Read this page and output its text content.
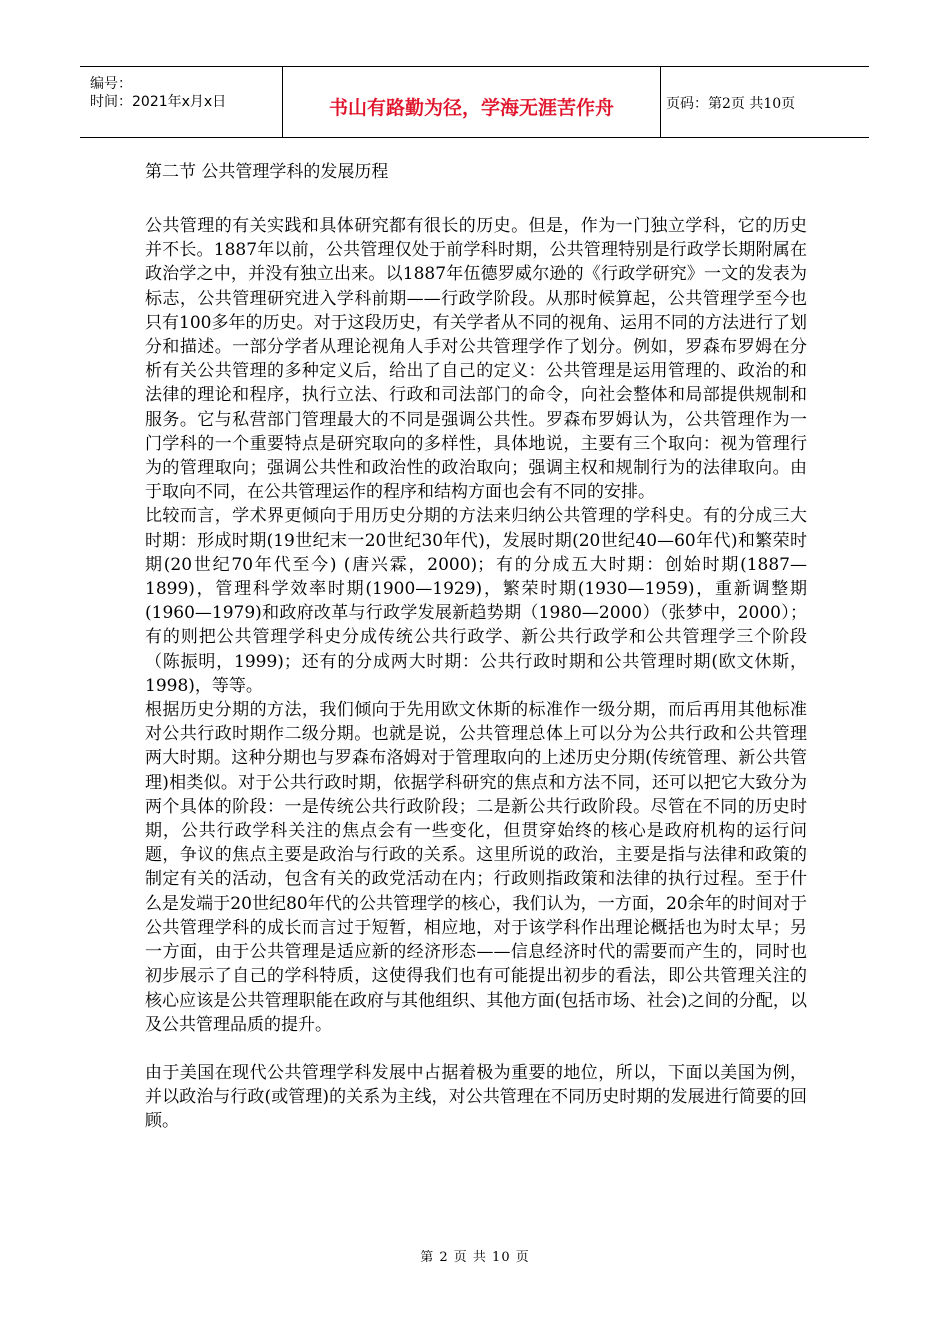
编号：
时间：2021年x月x日	书山有路勤为径，学海无涯苦作舟	页码：第2页 共10页

第二节 公共管理学科的发展历程

公共管理的有关实践和具体研究都有很长的历史。但是，作为一门独立学科，它的历史并不长。1887年以前，公共管理仅处于前学科时期，公共管理特别是行政学长期附属在政治学之中，并没有独立出来。以1887年伍德罗威尔逊的《行政学研究》一文的发表为标志，公共管理研究进入学科前期——行政学阶段。从那时候算起，公共管理学至今也只有100多年的历史。对于这段历史，有关学者从不同的视角、运用不同的方法进行了划分和描述。一部分学者从理论视角人手对公共管理学作了划分。例如，罗森布罗姆在分析有关公共管理的多种定义后，给出了自己的定义：公共管理是运用管理的、政治的和法律的理论和程序，执行立法、行政和司法部门的命令，向社会整体和局部提供规制和服务。它与私营部门管理最大的不同是强调公共性。罗森布罗姆认为，公共管理作为一门学科的一个重要特点是研究取向的多样性，具体地说，主要有三个取向：视为管理行为的管理取向；强调公共性和政治性的政治取向；强调主权和规制行为的法律取向。由于取向不同，在公共管理运作的程序和结构方面也会有不同的安排。

比较而言，学术界更倾向于用历史分期的方法来归纳公共管理的学科史。有的分成三大时期：形成时期(19世纪末一20世纪30年代)，发展时期(20世纪40—60年代)和繁荣时期(20世纪70年代至今) (唐兴霖，2000)；有的分成五大时期：创始时期(1887—1899)，管理科学效率时期(1900—1929)，繁荣时期(1930—1959)，重新调整期(1960—1979)和政府改革与行政学发展新趋势期（1980—2000）（张梦中，2000）；有的则把公共管理学科史分成传统公共行政学、新公共行政学和公共管理学三个阶段（陈振明，1999)；还有的分成两大时期：公共行政时期和公共管理时期(欧文休斯，1998)，等等。

根据历史分期的方法，我们倾向于先用欧文休斯的标准作一级分期，而后再用其他标准对公共行政时期作二级分期。也就是说，公共管理总体上可以分为公共行政和公共管理两大时期。这种分期也与罗森布洛姆对于管理取向的上述历史分期(传统管理、新公共管理)相类似。对于公共行政时期，依据学科研究的焦点和方法不同，还可以把它大致分为两个具体的阶段：一是传统公共行政阶段；二是新公共行政阶段。尽管在不同的历史时期，公共行政学科关注的焦点会有一些变化，但贯穿始终的核心是政府机构的运行问题，争议的焦点主要是政治与行政的关系。这里所说的政治，主要是指与法律和政策的制定有关的活动，包含有关的政党活动在内；行政则指政策和法律的执行过程。至于什么是发端于20世纪80年代的公共管理学的核心，我们认为，一方面，20余年的时间对于公共管理学科的成长而言过于短暂，相应地，对于该学科作出理论概括也为时太早；另一方面，由于公共管理是适应新的经济形态——信息经济时代的需要而产生的，同时也初步展示了自己的学科特质，这使得我们也有可能提出初步的看法，即公共管理关注的核心应该是公共管理职能在政府与其他组织、其他方面(包括市场、社会)之间的分配，以及公共管理品质的提升。

由于美国在现代公共管理学科发展中占据着极为重要的地位，所以，下面以美国为例，并以政治与行政(或管理)的关系为主线，对公共管理在不同历史时期的发展进行简要的回顾。

第 2 页 共 10 页
